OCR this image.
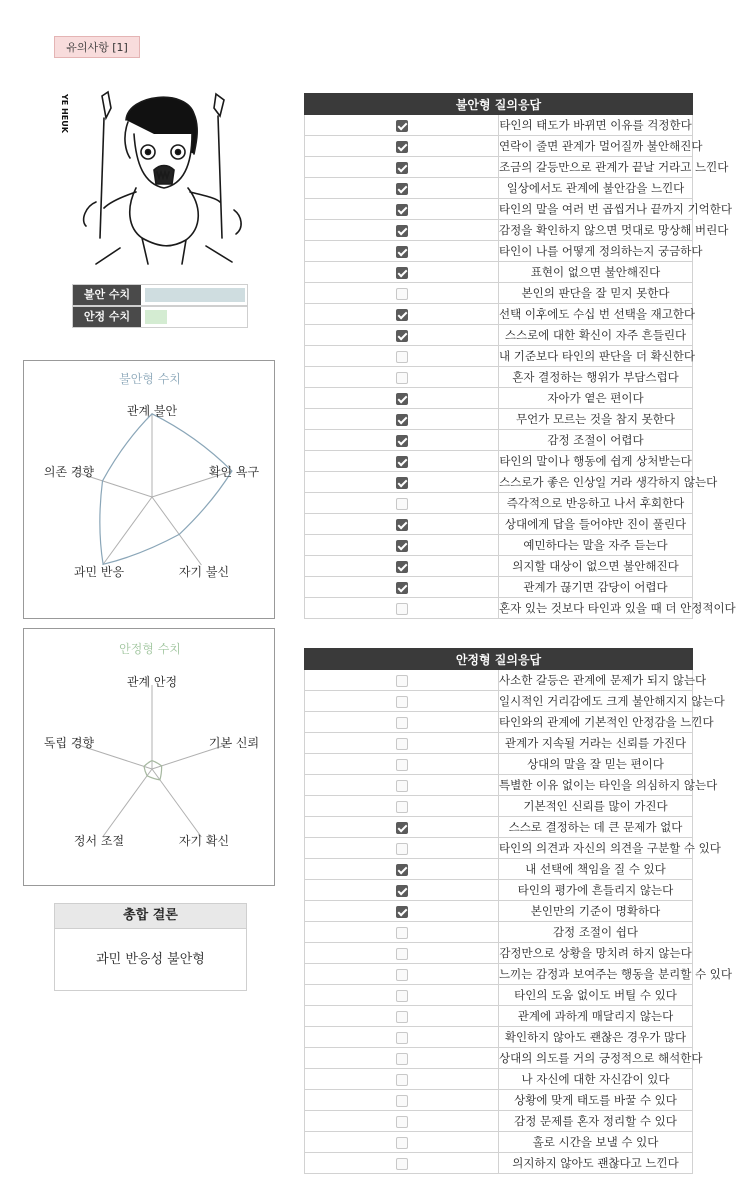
유의사항 [1]
YE HEUK
불안 수치
안정 수치
불안형 수치
관계 불안
확인 욕구
자기 불신
과민 반응
의존 경향
안정형 수치
관계 안정
기본 신뢰
자기 확신
정서 조절
독립 경향
총합 결론
과민 반응성 불안형
불안형 질의응답	
	타인의 태도가 바뀌면 이유를 걱정한다
	연락이 줄면 관계가 멀어질까 불안해진다
	조금의 갈등만으로 관계가 끝날 거라고 느낀다
	일상에서도 관계에 불안감을 느낀다
	타인의 말을 여러 번 곱씹거나 끝까지 기억한다
	감정을 확인하지 않으면 멋대로 망상해 버린다
	타인이 나를 어떻게 정의하는지 궁금하다
	표현이 없으면 불안해진다
	본인의 판단을 잘 믿지 못한다
	선택 이후에도 수십 번 선택을 재고한다
	스스로에 대한 확신이 자주 흔들린다
	내 기준보다 타인의 판단을 더 확신한다
	혼자 결정하는 행위가 부담스럽다
	자아가 옅은 편이다
	무언가 모르는 것을 참지 못한다
	감정 조절이 어렵다
	타인의 말이나 행동에 쉽게 상처받는다
	스스로가 좋은 인상일 거라 생각하지 않는다
	즉각적으로 반응하고 나서 후회한다
	상대에게 답을 들어야만 진이 풀린다
	예민하다는 말을 자주 듣는다
	의지할 대상이 없으면 불안해진다
	관계가 끊기면 감당이 어렵다
	혼자 있는 것보다 타인과 있을 때 더 안정적이다
안정형 질의응답	
	사소한 갈등은 관계에 문제가 되지 않는다
	일시적인 거리감에도 크게 불안해지지 않는다
	타인와의 관계에 기본적인 안정감을 느낀다
	관계가 지속될 거라는 신뢰를 가진다
	상대의 말을 잘 믿는 편이다
	특별한 이유 없이는 타인을 의심하지 않는다
	기본적인 신뢰를 많이 가진다
	스스로 결정하는 데 큰 문제가 없다
	타인의 의견과 자신의 의견을 구분할 수 있다
	내 선택에 책임을 질 수 있다
	타인의 평가에 흔들리지 않는다
	본인만의 기준이 명확하다
	감정 조절이 쉽다
	감정만으로 상황을 망치려 하지 않는다
	느끼는 감정과 보여주는 행동을 분리할 수 있다
	타인의 도움 없이도 버틸 수 있다
	관계에 과하게 매달리지 않는다
	확인하지 않아도 괜찮은 경우가 많다
	상대의 의도를 거의 긍정적으로 해석한다
	나 자신에 대한 자신감이 있다
	상황에 맞게 태도를 바꿀 수 있다
	감정 문제를 혼자 정리할 수 있다
	홀로 시간을 보낼 수 있다
	의지하지 않아도 괜찮다고 느낀다
